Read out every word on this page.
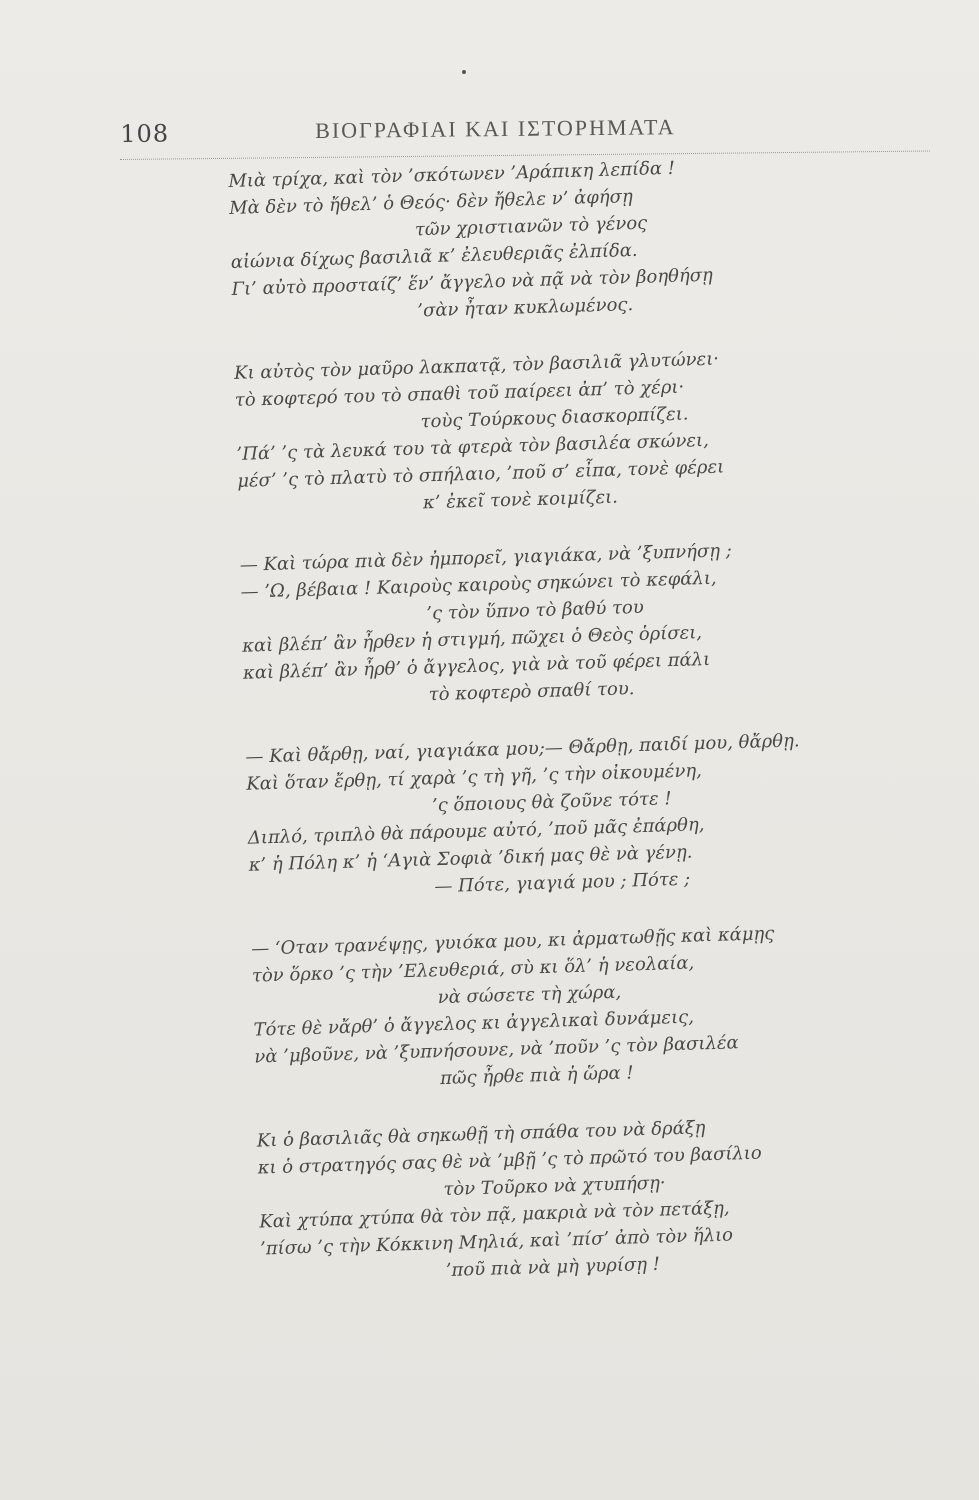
108	ΒΙΟΓΡΑΦΙΑΙ ΚΑΙ ΙΣΤΟΡΗΜΑΤΑ
Μιὰ τρίχα, καὶ τὸν ’σκότωνεν ’Αράπικη λεπίδα !
Μὰ δὲν τὸ ἤθελ’ ὁ Θεός· δὲν ἤθελε ν’ ἀφήσῃ
τῶν χριστιανῶν τὸ γένος
αἰώνια δίχως βασιλιᾶ κ’ ἐλευθεριᾶς ἐλπίδα.
Γι’ αὐτὸ προσταίζ’ ἕν’ ἄγγελο νὰ πᾷ νὰ τὸν βοηθήσῃ
’σὰν ἦταν κυκλωμένος.
Κι αὐτὸς τὸν μαῦρο λακπατᾷ, τὸν βασιλιᾶ γλυτώνει·
τὸ κοφτερό του τὸ σπαθὶ τοῦ παίρεει ἀπ’ τὸ χέρι·
τοὺς Τούρκους διασκορπίζει.
’Πά’ ’ς τὰ λευκά του τὰ φτερὰ τὸν βασιλέα σκώνει,
μέσ’ ’ς τὸ πλατὺ τὸ σπήλαιο, ’ποῦ σ’ εἶπα, τονὲ φέρει
κ’ ἐκεῖ τονὲ κοιμίζει.
— Καὶ τώρα πιὰ δὲν ἠμπορεῖ, γιαγιάκα, νὰ ’ξυπνήσῃ ;
— ’Ω, βέβαια ! Καιροὺς καιροὺς σηκώνει τὸ κεφάλι,
’ς τὸν ὕπνο τὸ βαθύ του
καὶ βλέπ’ ἂν ἦρθεν ἡ στιγμή, πῶχει ὁ Θεὸς ὁρίσει,
καὶ βλέπ’ ἂν ἦρθ’ ὁ ἄγγελος, γιὰ νὰ τοῦ φέρει πάλι
τὸ κοφτερὸ σπαθί του.
— Καὶ θἄρθῃ, ναί, γιαγιάκα μου;— Θἄρθῃ, παιδί μου, θἄρθῃ.
Καὶ ὅταν ἔρθῃ, τί χαρὰ ’ς τὴ γῆ, ’ς τὴν οἰκουμένη,
’ς ὅποιους θὰ ζοῦνε τότε !
Διπλό, τριπλὸ θὰ πάρουμε αὐτό, ’ποῦ μᾶς ἐπάρθη,
κ’ ἡ Πόλη κ’ ἡ ‘Αγιὰ Σοφιὰ ’δική μας θὲ νὰ γένῃ.
— Πότε, γιαγιά μου ; Πότε ;
— ‘Οταν τρανέψῃς, γυιόκα μου, κι ἀρματωθῇς καὶ κάμῃς
τὸν ὅρκο ’ς τὴν ’Ελευθεριά, σὺ κι ὅλ’ ἡ νεολαία,
νὰ σώσετε τὴ χώρα,
Τότε θὲ νἄρθ’ ὁ ἄγγελος κι ἀγγελικαὶ δυνάμεις,
νὰ ’μβοῦνε, νὰ ’ξυπνήσουνε, νὰ ’ποῦν ’ς τὸν βασιλέα
πῶς ἦρθε πιὰ ἡ ὥρα !
Κι ὁ βασιλιᾶς θὰ σηκωθῇ τὴ σπάθα του νὰ δράξῃ
κι ὁ στρατηγός σας θὲ νὰ ’μβῇ ’ς τὸ πρῶτό του βασίλιο
τὸν Τοῦρκο νὰ χτυπήσῃ·
Καὶ χτύπα χτύπα θὰ τὸν πᾷ, μακριὰ νὰ τὸν πετάξῃ,
’πίσω ’ς τὴν Κόκκινη Μηλιά, καὶ ’πίσ’ ἀπὸ τὸν ἥλιο
’ποῦ πιὰ νὰ μὴ γυρίσῃ !
